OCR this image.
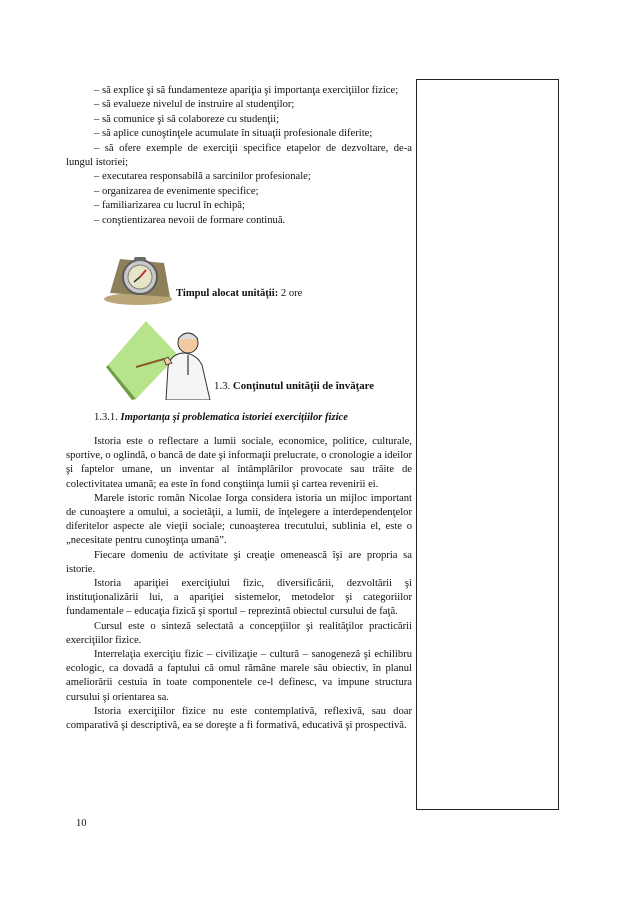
– să explice şi să fundamenteze apariţia şi importanţa exerciţiilor fizice;

– să evalueze nivelul de instruire al studenţilor;

– să comunice şi să colaboreze cu studenţii;

– să aplice cunoştinţele acumulate în situaţii profesionale diferite;

– să ofere exemple de exerciţii specifice etapelor de dezvoltare, de-a lungul istoriei;

– executarea responsabilă a sarcinilor profesionale;

– organizarea de evenimente specifice;

– familiarizarea cu lucrul în echipă;

– conştientizarea nevoii de formare continuă.

Timpul alocat unităţii: 2 ore
1.3. Conţinutul unităţii de învăţare
1.3.1. Importanţa şi problematica istoriei exerciţiilor fizice

Istoria este o reflectare a lumii sociale, economice, politice, culturale, sportive, o oglindă, o bancă de date şi informaţii prelucrate, o cronologie a ideilor şi faptelor umane, un inventar al întâmplărilor provocate sau trăite de colectivitatea umană; ea este în fond conştiinţa lumii şi cartea revenirii ei.

Marele istoric român Nicolae Iorga considera istoria un mijloc important de cunoaştere a omului, a societăţii, a lumii, de înţelegere a interdependenţelor diferitelor aspecte ale vieţii sociale; cunoaşterea trecutului, sublinia el, este o „necesitate pentru cunoştinţa umană”.

Fiecare domeniu de activitate şi creaţie omenească îşi are propria sa istorie.

Istoria apariţiei exerciţiului fizic, diversificării, dezvoltării şi instituţionalizării lui, a apariţiei sistemelor, metodelor şi categoriilor fundamentale – educaţia fizică şi sportul – reprezintă obiectul cursului de faţă.

Cursul este o sinteză selectată a concepţiilor şi realităţilor practicării exerciţiilor fizice.

Interrelaţia exerciţiu fizic – civilizaţie – cultură – sanogeneză şi echilibru ecologic, ca dovadă a faptului că omul rămâne marele său obiectiv, în planul ameliorării cestuia în toate componentele ce-l definesc, va impune structura cursului şi orientarea sa.

Istoria exerciţiilor fizice nu este contemplativă, reflexivă, sau doar comparativă şi descriptivă, ea se doreşte a fi formativă, educativă şi prospectivă.

10
